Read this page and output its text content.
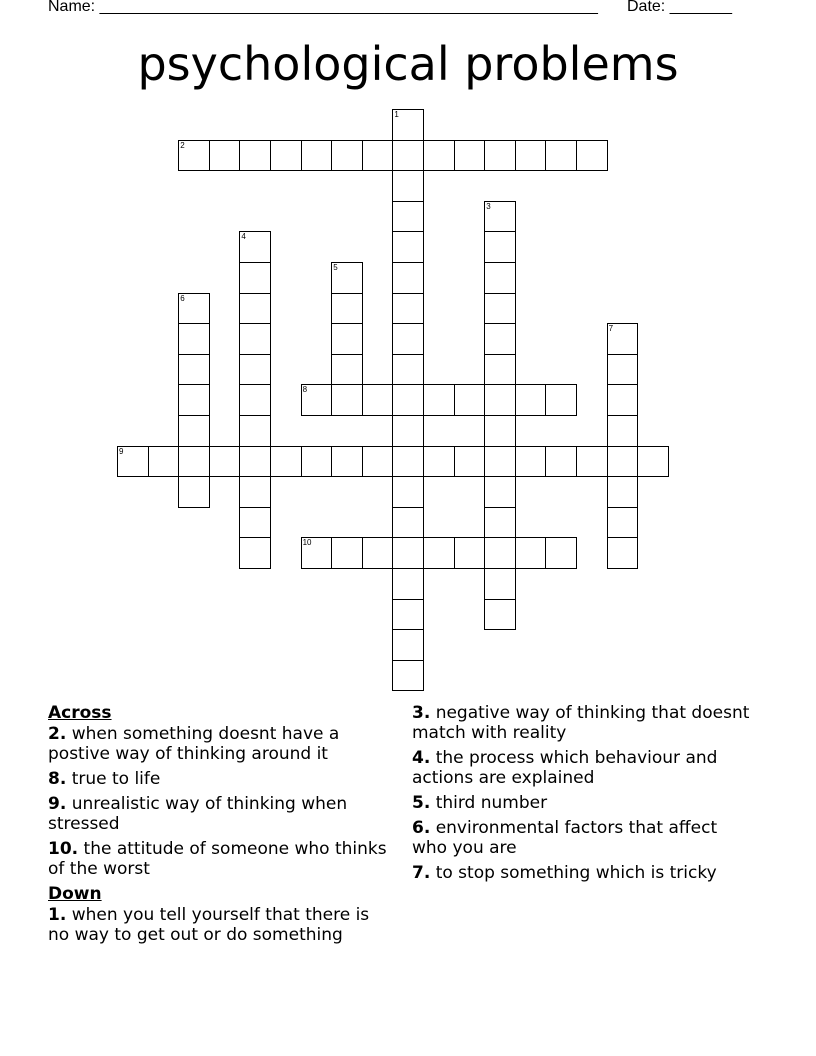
Name: ________________________________________________________ Date: _______
psychological problems
2
8
9
10
1
3
4
5
6
7
Across
2. when something doesnt have a postive way of thinking around it
8. true to life
9. unrealistic way of thinking when stressed
10. the attitude of someone who thinks of the worst
Down
1. when you tell yourself that there is no way to get out or do something
3. negative way of thinking that doesnt match with reality
4. the process which behaviour and actions are explained
5. third number
6. environmental factors that affect who you are
7. to stop something which is tricky
